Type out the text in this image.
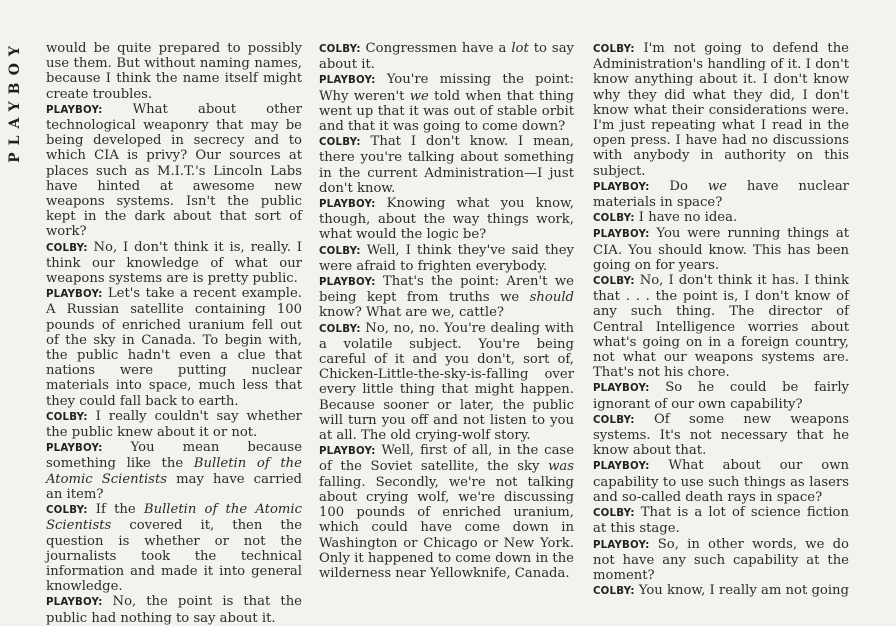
PLAYBOY would be quite prepared to possibly use them. But without naming names, because I think the name itself might create troubles.

PLAYBOY: What about other technological weaponry that may be being developed in secrecy and to which CIA is privy? Our sources at places such as M.I.T.'s Lincoln Labs have hinted at awesome new weapons systems. Isn't the public kept in the dark about that sort of work?

COLBY: No, I don't think it is, really. I think our knowledge of what our weapons systems are is pretty public.

PLAYBOY: Let's take a recent example. A Russian satellite containing 100 pounds of enriched uranium fell out of the sky in Canada. To begin with, the public hadn't even a clue that nations were putting nuclear materials into space, much less that they could fall back to earth.

COLBY: I really couldn't say whether the public knew about it or not.

PLAYBOY: You mean because something like the Bulletin of the Atomic Scientists may have carried an item?

COLBY: If the Bulletin of the Atomic Scientists covered it, then the question is whether or not the journalists took the technical information and made it into general knowledge.

PLAYBOY: No, the point is that the public had nothing to say about it.

COLBY: Congressmen have a lot to say about it.

PLAYBOY: You're missing the point: Why weren't we told when that thing went up that it was out of stable orbit and that it was going to come down?

COLBY: That I don't know. I mean, there you're talking about something in the current Administration—I just don't know.

PLAYBOY: Knowing what you know, though, about the way things work, what would the logic be?

COLBY: Well, I think they've said they were afraid to frighten everybody.

PLAYBOY: That's the point: Aren't we being kept from truths we should know? What are we, cattle?

COLBY: No, no, no. You're dealing with a volatile subject. You're being careful of it and you don't, sort of, Chicken-Little-the-sky-is-falling over every little thing that might happen. Because sooner or later, the public will turn you off and not listen to you at all. The old crying-wolf story.

PLAYBOY: Well, first of all, in the case of the Soviet satellite, the sky was falling. Secondly, we're not talking about crying wolf, we're discussing 100 pounds of enriched uranium, which could have come down in Washington or Chicago or New York. Only it happened to come down in the wilderness near Yellowknife, Canada.

COLBY: I'm not going to defend the Administration's handling of it. I don't know anything about it. I don't know why they did what they did, I don't know what their considerations were. I'm just repeating what I read in the open press. I have had no discussions with anybody in authority on this subject.

PLAYBOY: Do we have nuclear materials in space?

COLBY: I have no idea.

PLAYBOY: You were running things at CIA. You should know. This has been going on for years.

COLBY: No, I don't think it has. I think that . . . the point is, I don't know of any such thing. The director of Central Intelligence worries about what's going on in a foreign country, not what our weapons systems are. That's not his chore.

PLAYBOY: So he could be fairly ignorant of our own capability?

COLBY: Of some new weapons systems. It's not necessary that he know about that.

PLAYBOY: What about our own capability to use such things as lasers and so-called death rays in space?

COLBY: That is a lot of science fiction at this stage.

PLAYBOY: So, in other words, we do not have any such capability at the moment?

COLBY: You know, I really am not going
